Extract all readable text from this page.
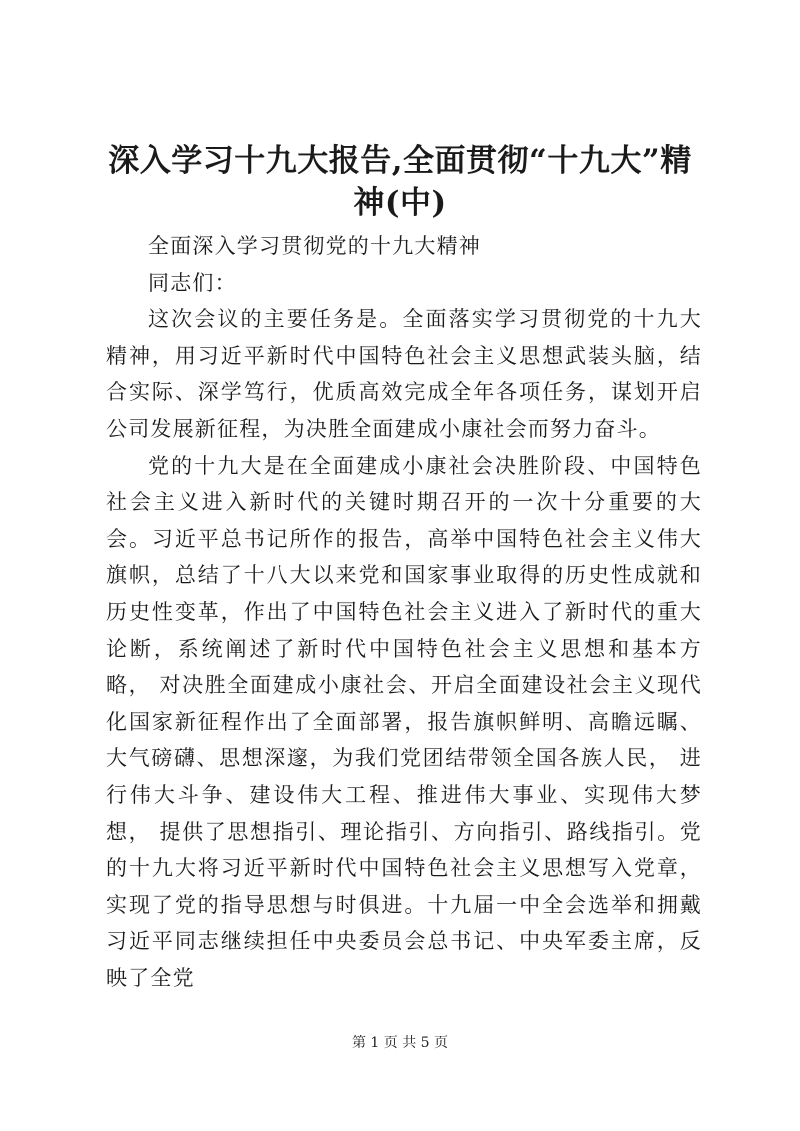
深入学习十九大报告,全面贯彻“十九大”精神(中)

全面深入学习贯彻党的十九大精神

同志们：

这次会议的主要任务是。全面落实学习贯彻党的十九大精神，用习近平新时代中国特色社会主义思想武装头脑，结合实际、深学笃行，优质高效完成全年各项任务，谋划开启公司发展新征程，为决胜全面建成小康社会而努力奋斗。

党的十九大是在全面建成小康社会决胜阶段、中国特色社会主义进入新时代的关键时期召开的一次十分重要的大会。习近平总书记所作的报告，高举中国特色社会主义伟大旗帜，总结了十八大以来党和国家事业取得的历史性成就和历史性变革，作出了中国特色社会主义进入了新时代的重大论断，系统阐述了新时代中国特色社会主义思想和基本方略， 对决胜全面建成小康社会、开启全面建设社会主义现代化国家新征程作出了全面部署，报告旗帜鲜明、高瞻远瞩、大气磅礴、思想深邃，为我们党团结带领全国各族人民， 进行伟大斗争、建设伟大工程、推进伟大事业、实现伟大梦想， 提供了思想指引、理论指引、方向指引、路线指引。党的十九大将习近平新时代中国特色社会主义思想写入党章，实现了党的指导思想与时俱进。十九届一中全会选举和拥戴习近平同志继续担任中央委员会总书记、中央军委主席，反映了全党

第 1 页 共 5 页
